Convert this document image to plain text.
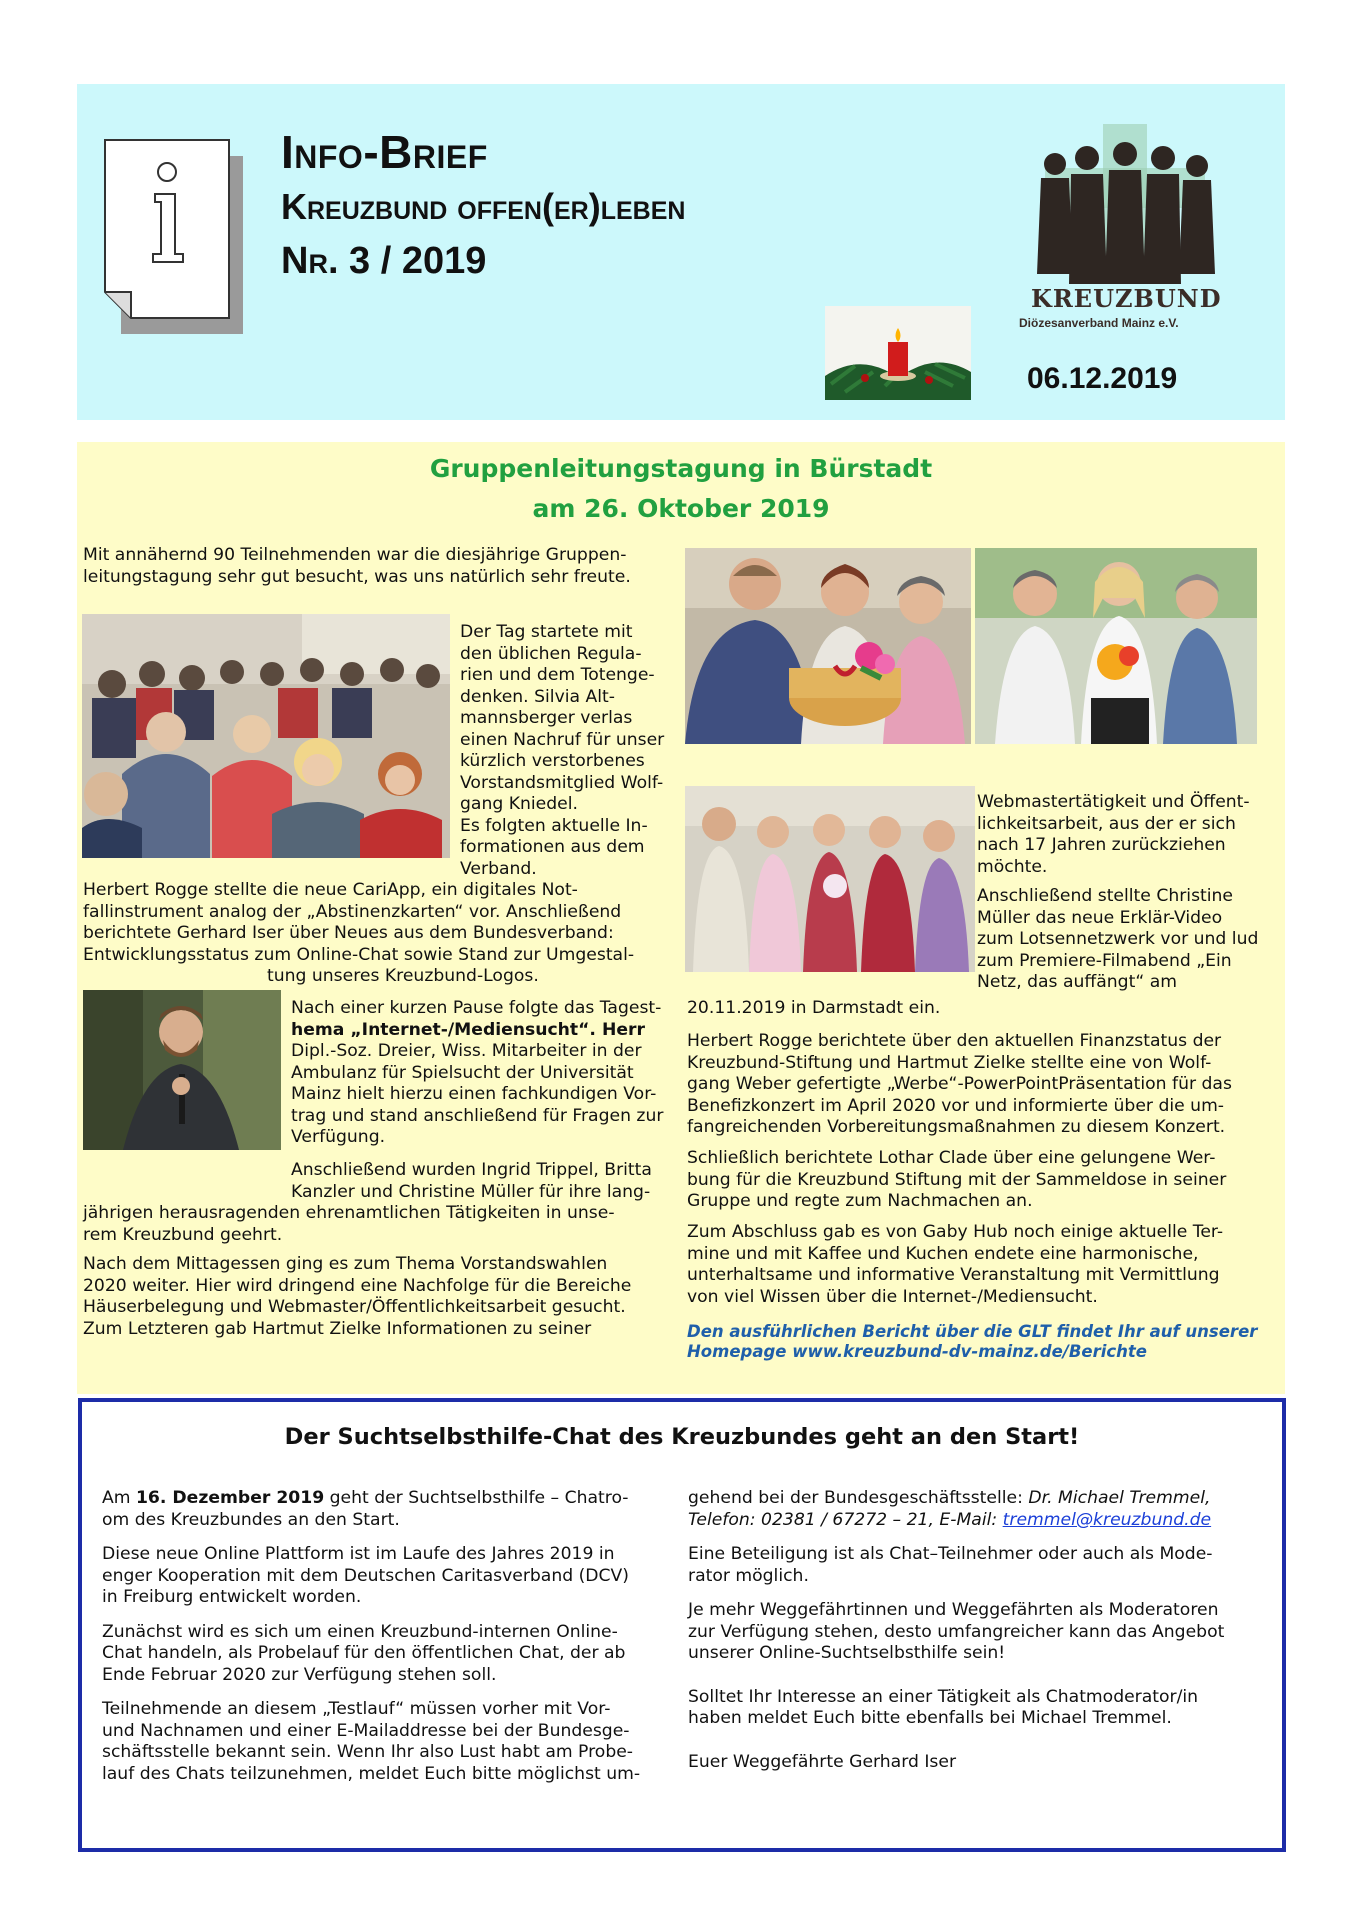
Info-Brief
Kreuzbund offen(er)leben
Nr. 3 / 2019
KREUZBUND
Diözesanverband Mainz e.V.
06.12.2019
Gruppenleitungstagung in Bürstadt
am 26. Oktober 2019

Mit annähernd 90 Teilnehmenden war die diesjährige Gruppen-

leitungstagung sehr gut besucht, was uns natürlich sehr freute.

Der Tag startete mit

den üblichen Regula-

rien und dem Totenge-

denken. Silvia Alt-

mannsberger verlas

einen Nachruf für unser

kürzlich verstorbenes

Vorstandsmitglied Wolf-

gang Kniedel.

Es folgten aktuelle In-

formationen aus dem

Verband.

Herbert Rogge stellte die neue CariApp, ein digitales Not-

fallinstrument analog der „Abstinenzkarten“ vor. Anschließend

berichtete Gerhard Iser über Neues aus dem Bundesverband:

Entwicklungsstatus zum Online-Chat sowie Stand zur Umgestal-

tung unseres Kreuzbund-Logos.

Nach einer kurzen Pause folgte das Tagest-

hema „Internet-/Mediensucht“. Herr

Dipl.-Soz. Dreier, Wiss. Mitarbeiter in der

Ambulanz für Spielsucht der Universität

Mainz hielt hierzu einen fachkundigen Vor-

trag und stand anschließend für Fragen zur

Verfügung.

Anschließend wurden Ingrid Trippel, Britta

Kanzler und Christine Müller für ihre lang-

jährigen herausragenden ehrenamtlichen Tätigkeiten in unse-

rem Kreuzbund geehrt.

Nach dem Mittagessen ging es zum Thema Vorstandswahlen

2020 weiter. Hier wird dringend eine Nachfolge für die Bereiche

Häuserbelegung und Webmaster/Öffentlichkeitsarbeit gesucht.

Zum Letzteren gab Hartmut Zielke Informationen zu seiner

Webmastertätigkeit und Öffent-

lichkeitsarbeit, aus der er sich

nach 17 Jahren zurückziehen

möchte.

Anschließend stellte Christine

Müller das neue Erklär-Video

zum Lotsennetzwerk vor und lud

zum Premiere-Filmabend „Ein

Netz, das auffängt“ am

20.11.2019 in Darmstadt ein.

Herbert Rogge berichtete über den aktuellen Finanzstatus der

Kreuzbund-Stiftung und Hartmut Zielke stellte eine von Wolf-

gang Weber gefertigte „Werbe“-PowerPointPräsentation für das

Benefizkonzert im April 2020 vor und informierte über die um-

fangreichenden Vorbereitungsmaßnahmen zu diesem Konzert.

Schließlich berichtete Lothar Clade über eine gelungene Wer-

bung für die Kreuzbund Stiftung mit der Sammeldose in seiner

Gruppe und regte zum Nachmachen an.

Zum Abschluss gab es von Gaby Hub noch einige aktuelle Ter-

mine und mit Kaffee und Kuchen endete eine harmonische,

unterhaltsame und informative Veranstaltung mit Vermittlung

von viel Wissen über die Internet-/Mediensucht.

Den ausführlichen Bericht über die GLT findet Ihr auf unserer
Homepage www.kreuzbund-dv-mainz.de/Berichte
Der Suchtselbsthilfe-Chat des Kreuzbundes geht an den Start!

Am 16. Dezember 2019 geht der Suchtselbsthilfe – Chatro-
om des Kreuzbundes an den Start.

Diese neue Online Plattform ist im Laufe des Jahres 2019 in
enger Kooperation mit dem Deutschen Caritasverband (DCV)
in Freiburg entwickelt worden.

Zunächst wird es sich um einen Kreuzbund-internen Online-
Chat handeln, als Probelauf für den öffentlichen Chat, der ab
Ende Februar 2020 zur Verfügung stehen soll.

Teilnehmende an diesem „Testlauf“ müssen vorher mit Vor-
und Nachnamen und einer E-Mailaddresse bei der Bundesge-
schäftsstelle bekannt sein. Wenn Ihr also Lust habt am Probe-
lauf des Chats teilzunehmen, meldet Euch bitte möglichst um-

gehend bei der Bundesgeschäftsstelle: Dr. Michael Tremmel,
Telefon: 02381 / 67272 – 21, E-Mail: tremmel@kreuzbund.de

Eine Beteiligung ist als Chat–Teilnehmer oder auch als Mode-
rator möglich.

Je mehr Weggefährtinnen und Weggefährten als Moderatoren
zur Verfügung stehen, desto umfangreicher kann das Angebot
unserer Online-Suchtselbsthilfe sein!

Solltet Ihr Interesse an einer Tätigkeit als Chatmoderator/in
haben meldet Euch bitte ebenfalls bei Michael Tremmel.

Euer Weggefährte Gerhard Iser
